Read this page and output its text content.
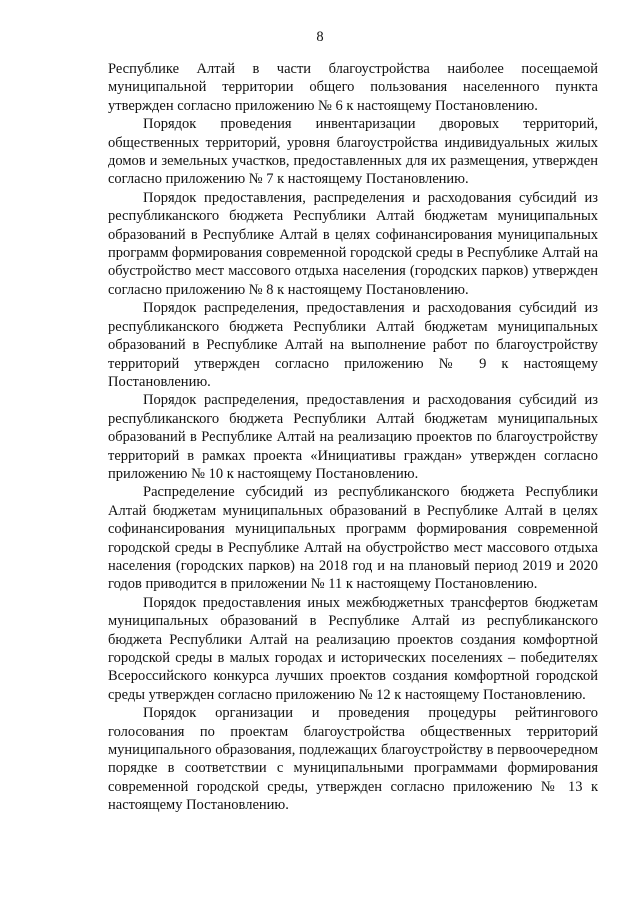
8

Республике Алтай в части благоустройства наиболее посещаемой муниципальной территории общего пользования населенного пункта утвержден согласно приложению № 6 к настоящему Постановлению.

Порядок проведения инвентаризации дворовых территорий, общественных территорий, уровня благоустройства индивидуальных жилых домов и земельных участков, предоставленных для их размещения, утвержден согласно приложению № 7 к настоящему Постановлению.

Порядок предоставления, распределения и расходования субсидий из республиканского бюджета Республики Алтай бюджетам муниципальных образований в Республике Алтай в целях софинансирования муниципальных программ формирования современной городской среды в Республике Алтай на обустройство мест массового отдыха населения (городских парков) утвержден согласно приложению № 8 к настоящему Постановлению.

Порядок распределения, предоставления и расходования субсидий из республиканского бюджета Республики Алтай бюджетам муниципальных образований в Республике Алтай на выполнение работ по благоустройству территорий утвержден согласно приложению № 9 к настоящему Постановлению.

Порядок распределения, предоставления и расходования субсидий из республиканского бюджета Республики Алтай бюджетам муниципальных образований в Республике Алтай на реализацию проектов по благоустройству территорий в рамках проекта «Инициативы граждан» утвержден согласно приложению № 10 к настоящему Постановлению.

Распределение субсидий из республиканского бюджета Республики Алтай бюджетам муниципальных образований в Республике Алтай в целях софинансирования муниципальных программ формирования современной городской среды в Республике Алтай на обустройство мест массового отдыха населения (городских парков) на 2018 год и на плановый период 2019 и 2020 годов приводится в приложении № 11 к настоящему Постановлению.

Порядок предоставления иных межбюджетных трансфертов бюджетам муниципальных образований в Республике Алтай из республиканского бюджета Республики Алтай на реализацию проектов создания комфортной городской среды в малых городах и исторических поселениях – победителях Всероссийского конкурса лучших проектов создания комфортной городской среды утвержден согласно приложению № 12 к настоящему Постановлению.

Порядок организации и проведения процедуры рейтингового голосования по проектам благоустройства общественных территорий муниципального образования, подлежащих благоустройству в первоочередном порядке в соответствии с муниципальными программами формирования современной городской среды, утвержден согласно приложению № 13 к настоящему Постановлению.
